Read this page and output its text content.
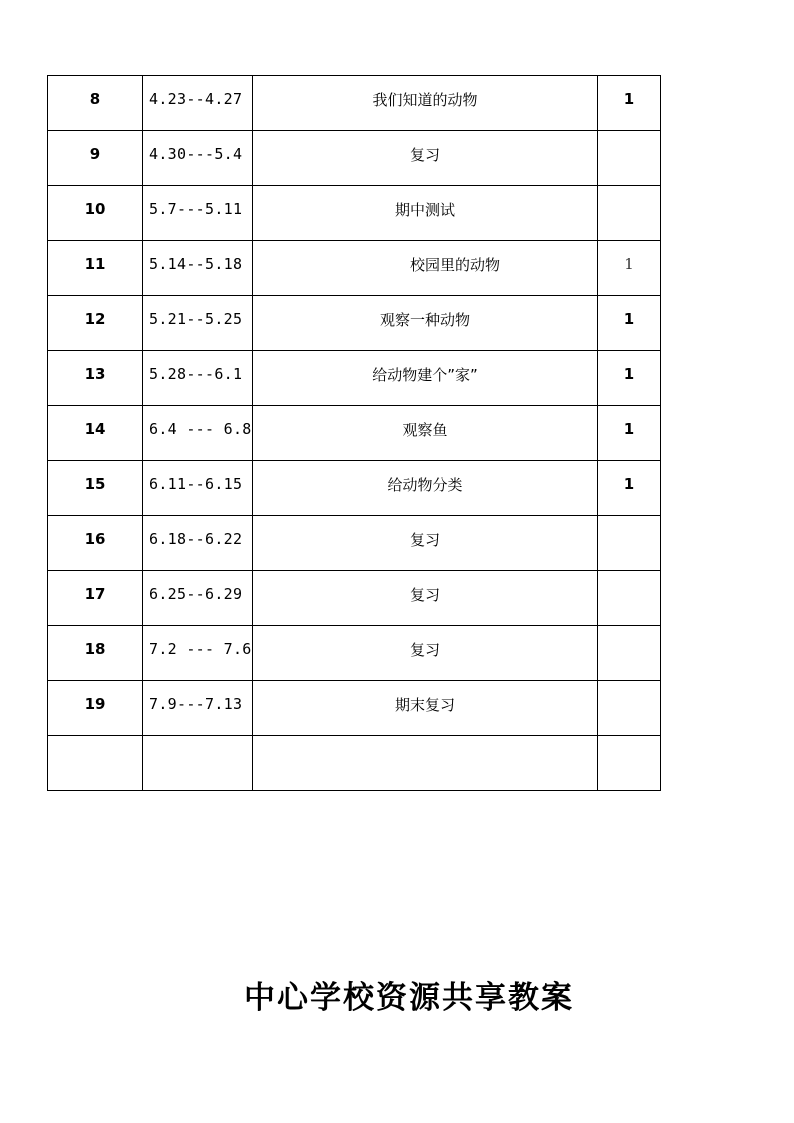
8	4.23--4.27	我们知道的动物	1
9	4.30---5.4	复习	
10	5.7---5.11	期中测试	
11	5.14--5.18	校园里的动物	1
12	5.21--5.25	观察一种动物	1
13	5.28---6.1	给动物建个”家”	1
14	6.4 --- 6.8	观察鱼	1
15	6.11--6.15	给动物分类	1
16	6.18--6.22	复习	
17	6.25--6.29	复习	
18	7.2 --- 7.6	复习	
19	7.9---7.13	期末复习	

中心学校资源共享教案
